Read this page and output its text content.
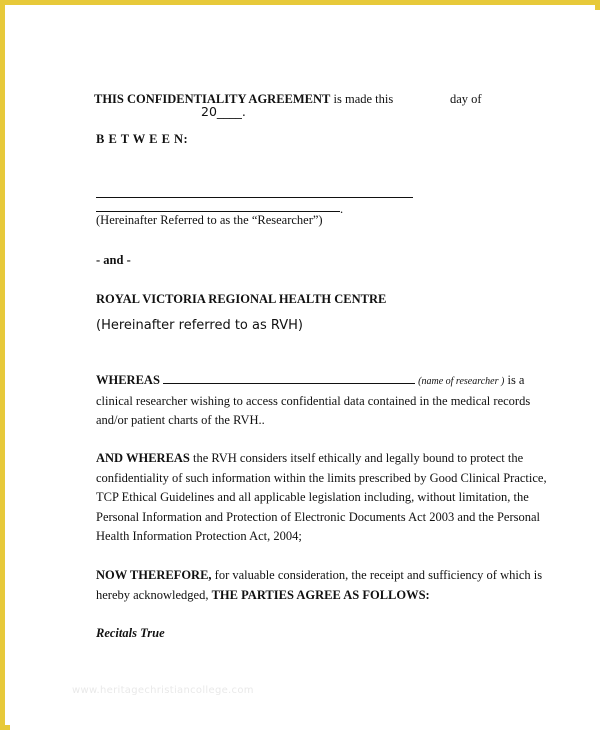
THIS CONFIDENTIALITY AGREEMENT is made this	day of
20____.
B E T W E E N:
.
(Hereinafter Referred to as the “Researcher”)
- and -
ROYAL VICTORIA REGIONAL HEALTH CENTRE
(Hereinafter referred to as RVH)
WHEREAS	(name of researcher ) is a
clinical researcher wishing to access confidential data contained in the medical records
and/or patient charts of the RVH..
AND WHEREAS the RVH considers itself ethically and legally bound to protect the
confidentiality of such information within the limits prescribed by Good Clinical Practice,
TCP Ethical Guidelines and all applicable legislation including, without limitation, the
Personal Information and Protection of Electronic Documents Act 2003 and the Personal
Health Information Protection Act, 2004;
NOW THEREFORE, for valuable consideration, the receipt and sufficiency of which is
hereby acknowledged, THE PARTIES AGREE AS FOLLOWS:
Recitals True
www.heritagechristiancollege.com
